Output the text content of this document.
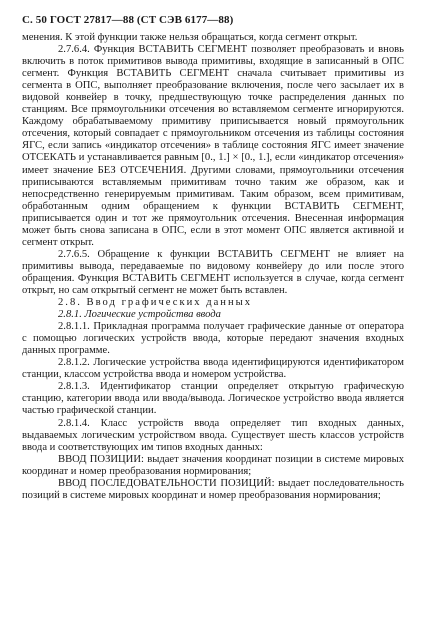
С. 50 ГОСТ 27817—88 (СТ СЭВ 6177—88)

менения. К этой функции также нельзя обращаться, когда сегмент открыт.

2.7.6.4. Функция ВСТАВИТЬ СЕГМЕНТ позволяет преобразовать и вновь включить в поток примитивов вывода примитивы, входящие в записанный в ОПС сегмент. Функция ВСТАВИТЬ СЕГМЕНТ сначала считывает примитивы из сегмента в ОПС, выполняет преобразование включения, после чего засылает их в видовой конвейер в точку, предшествующую точке распределения данных по станциям. Все прямоугольники отсечения во вставляемом сегменте игнорируются. Каждому обрабатываемому примитиву приписывается новый прямоугольник отсечения, который совпадает с прямоугольником отсечения из таблицы состояния ЯГС, если запись «индикатор отсечения» в таблице состояния ЯГС имеет значение ОТСЕКАТЬ и устанавливается равным [0., 1.] × [0., 1.], если «индикатор отсечения» имеет значение БЕЗ ОТСЕЧЕНИЯ. Другими словами, прямоугольники отсечения приписываются вставляемым примитивам точно таким же образом, как и непосредственно генерируемым примитивам. Таким образом, всем примитивам, обработанным одним обращением к функции ВСТАВИТЬ СЕГМЕНТ, приписывается один и тот же прямоугольник отсечения. Внесенная информация может быть снова записана в ОПС, если в этот момент ОПС является активной и сегмент открыт.

2.7.6.5. Обращение к функции ВСТАВИТЬ СЕГМЕНТ не влияет на примитивы вывода, передаваемые по видовому конвейеру до или после этого обращения. Функция ВСТАВИТЬ СЕГМЕНТ используется в случае, когда сегмент открыт, но сам открытый сегмент не может быть вставлен.

2.8. Ввод графических данных

2.8.1. Логические устройства ввода

2.8.1.1. Прикладная программа получает графические данные от оператора с помощью логических устройств ввода, которые передают значения входных данных программе.

2.8.1.2. Логические устройства ввода идентифицируются идентификатором станции, классом устройства ввода и номером устройства.

2.8.1.3. Идентификатор станции определяет открытую графическую станцию, категории ввода или ввода/вывода. Логическое устройство ввода является частью графической станции.

2.8.1.4. Класс устройств ввода определяет тип входных данных, выдаваемых логическим устройством ввода. Существует шесть классов устройств ввода и соответствующих им типов входных данных:

ВВОД ПОЗИЦИИ: выдает значения координат позиции в системе мировых координат и номер преобразования нормирования;

ВВОД ПОСЛЕДОВАТЕЛЬНОСТИ ПОЗИЦИЙ: выдает последовательность позиций в системе мировых координат и номер преобразования нормирования;
